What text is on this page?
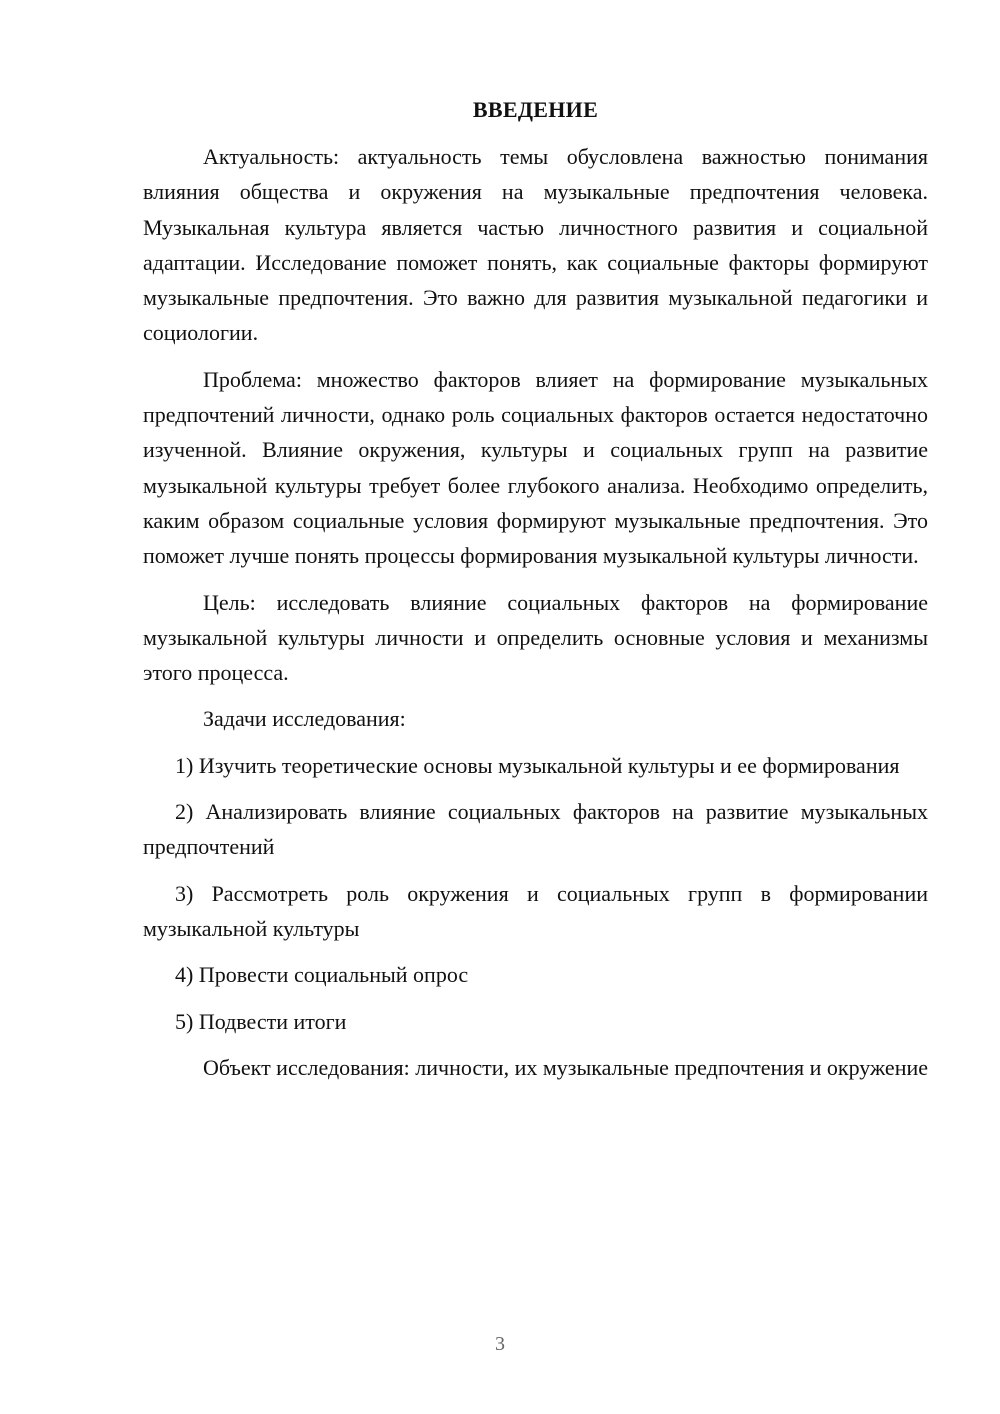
ВВЕДЕНИЕ

Актуальность: актуальность темы обусловлена важностью понимания влияния общества и окружения на музыкальные предпочтения человека. Музыкальная культура является частью личностного развития и социальной адаптации. Исследование поможет понять, как социальные факторы формируют музыкальные предпочтения. Это важно для развития музыкальной педагогики и социологии.

Проблема: множество факторов влияет на формирование музыкальных предпочтений личности, однако роль социальных факторов остается недостаточно изученной. Влияние окружения, культуры и социальных групп на развитие музыкальной культуры требует более глубокого анализа. Необходимо определить, каким образом социальные условия формируют музыкальные предпочтения. Это поможет лучше понять процессы формирования музыкальной культуры личности.

Цель: исследовать влияние социальных факторов на формирование музыкальной культуры личности и определить основные условия и механизмы этого процесса.

Задачи исследования:

1) Изучить теоретические основы музыкальной культуры и ее формирования

2) Анализировать влияние социальных факторов на развитие музыкальных предпочтений

3) Рассмотреть роль окружения и социальных групп в формировании музыкальной культуры

4) Провести социальный опрос

5) Подвести итоги

Объект исследования: личности, их музыкальные предпочтения и окружение

3
